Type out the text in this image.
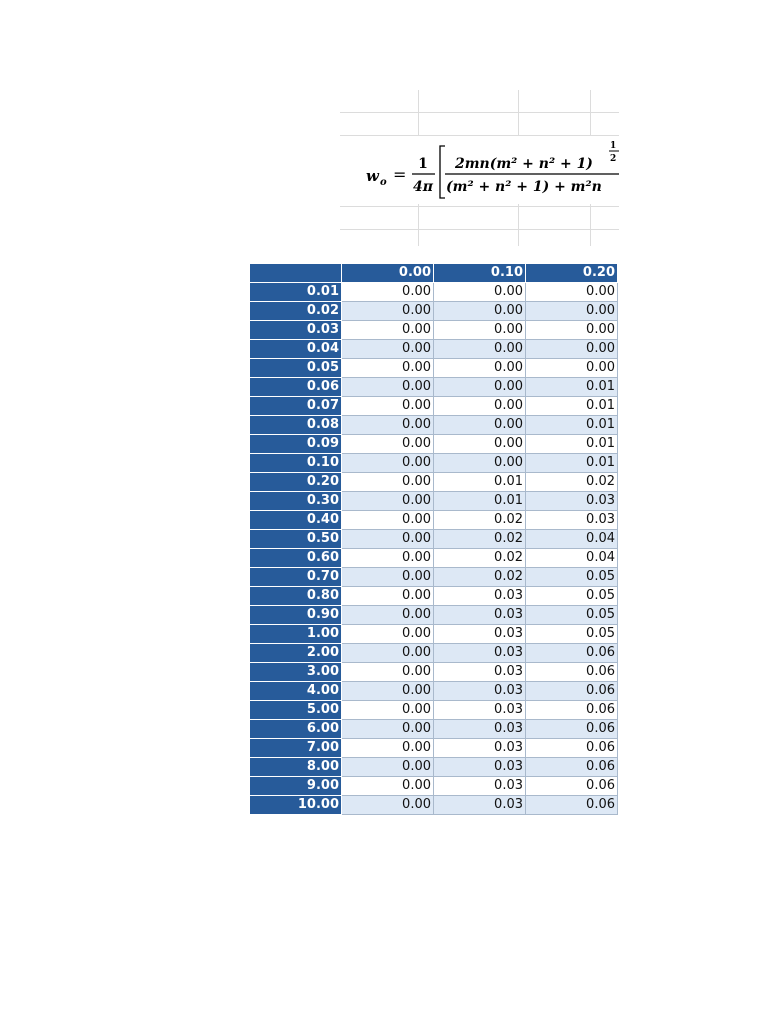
w o =
1
4π
2mn(m² + n² + 1)
1
2
(m² + n² + 1) + m²n
	0.00	0.10	0.20
0.01	0.00	0.00	0.00
0.02	0.00	0.00	0.00
0.03	0.00	0.00	0.00
0.04	0.00	0.00	0.00
0.05	0.00	0.00	0.00
0.06	0.00	0.00	0.01
0.07	0.00	0.00	0.01
0.08	0.00	0.00	0.01
0.09	0.00	0.00	0.01
0.10	0.00	0.00	0.01
0.20	0.00	0.01	0.02
0.30	0.00	0.01	0.03
0.40	0.00	0.02	0.03
0.50	0.00	0.02	0.04
0.60	0.00	0.02	0.04
0.70	0.00	0.02	0.05
0.80	0.00	0.03	0.05
0.90	0.00	0.03	0.05
1.00	0.00	0.03	0.05
2.00	0.00	0.03	0.06
3.00	0.00	0.03	0.06
4.00	0.00	0.03	0.06
5.00	0.00	0.03	0.06
6.00	0.00	0.03	0.06
7.00	0.00	0.03	0.06
8.00	0.00	0.03	0.06
9.00	0.00	0.03	0.06
10.00	0.00	0.03	0.06
